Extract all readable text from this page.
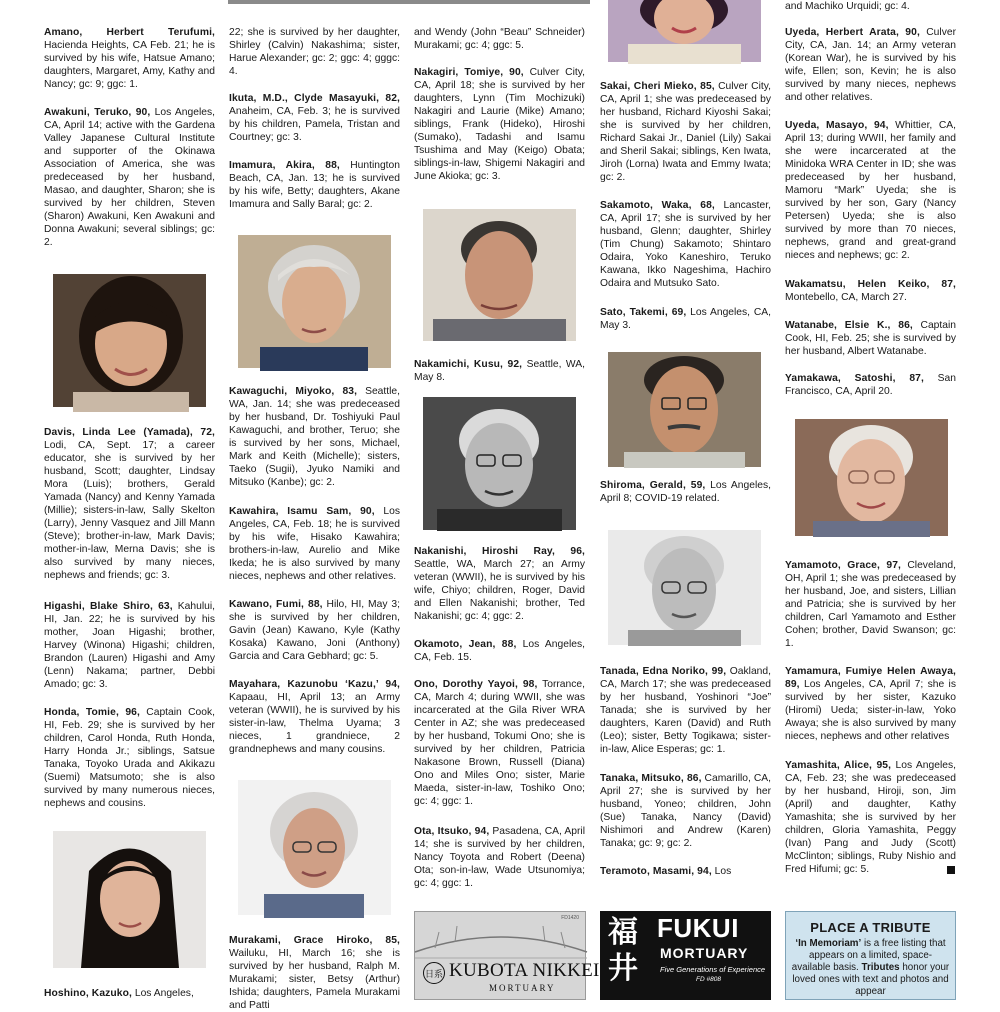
Amano, Herbert Terufumi, Hacienda Heights, CA Feb. 21; he is survived by his wife, Hatsue Amano; daughters, Margaret, Amy, Kathy and Nancy; gc: 9; ggc: 1.
Awakuni, Teruko, 90, Los Angeles, CA, April 14; active with the Gardena Valley Japanese Cultural Institute and supporter of the Okinawa Association of America, she was predeceased by her husband, Masao, and daughter, Sharon; she is survived by her children, Steven (Sharon) Awakuni, Ken Awakuni and Donna Awakuni; several siblings; gc: 2.
Davis, Linda Lee (Yamada), 72, Lodi, CA, Sept. 17; a career educator, she is survived by her husband, Scott; daughter, Lindsay Mora (Luis); brothers, Gerald Yamada (Nancy) and Kenny Yamada (Millie); sisters-in-law, Sally Skelton (Larry), Jenny Vasquez and Jill Mann (Steve); brother-in-law, Mark Davis; mother-in-law, Merna Davis; she is also survived by many nieces, nephews and friends; gc: 3.
Higashi, Blake Shiro, 63, Kahului, HI, Jan. 22; he is survived by his mother, Joan Higashi; brother, Harvey (Winona) Higashi; children, Brandon (Lauren) Higashi and Amy (Lenn) Nakama; partner, Debbi Amado; gc: 3.
Honda, Tomie, 96, Captain Cook, HI, Feb. 29; she is survived by her children, Carol Honda, Ruth Honda, Harry Honda Jr.; siblings, Satsue Tanaka, Toyoko Urada and Akikazu (Suemi) Matsumoto; she is also survived by many numerous nieces, nephews and cousins.
Hoshino, Kazuko, Los Angeles,
22; she is survived by her daughter, Shirley (Calvin) Nakashima; sister, Harue Alexander; gc: 2; ggc: 4; gggc: 4.
Ikuta, M.D., Clyde Masayuki, 82, Anaheim, CA, Feb. 3; he is survived by his children, Pamela, Tristan and Courtney; gc: 3.
Imamura, Akira, 88, Huntington Beach, CA, Jan. 13; he is survived by his wife, Betty; daughters, Akane Imamura and Sally Baral; gc: 2.
Kawaguchi, Miyoko, 83, Seattle, WA, Jan. 14; she was predeceased by her husband, Dr. Toshiyuki Paul Kawaguchi, and brother, Teruo; she is survived by her sons, Michael, Mark and Keith (Michelle); sisters, Taeko (Sugii), Jyuko Namiki and Mitsuko (Kanbe); gc: 2.
Kawahira, Isamu Sam, 90, Los Angeles, CA, Feb. 18; he is survived by his wife, Hisako Kawahira; brothers-in-law, Aurelio and Mike Ikeda; he is also survived by many nieces, nephews and other relatives.
Kawano, Fumi, 88, Hilo, HI, May 3; she is survived by her children, Gavin (Jean) Kawano, Kyle (Kathy Kosaka) Kawano, Joni (Anthony) Garcia and Cara Gebhard; gc: 5.
Mayahara, Kazunobu ‘Kazu,’ 94, Kapaau, HI, April 13; an Army veteran (WWII), he is survived by his sister-in-law, Thelma Uyama; 3 nieces, 1 grandniece, 2 grandnephews and many cousins.
Murakami, Grace Hiroko, 85, Wailuku, HI, March 16; she is survived by her husband, Ralph M. Murakami; sister, Betsy (Arthur) Ishida; daughters, Pamela Murakami and Patti
and Wendy (John “Beau” Schneider) Murakami; gc: 4; ggc: 5.
Nakagiri, Tomiye, 90, Culver City, CA, April 18; she is survived by her daughters, Lynn (Tim Mochizuki) Nakagiri and Laurie (Mike) Amano; siblings, Frank (Hideko), Hiroshi (Sumako), Tadashi and Isamu Tsushima and May (Keigo) Obata; siblings-in-law, Shigemi Nakagiri and June Akioka; gc: 3.
Nakamichi, Kusu, 92, Seattle, WA, May 8.
Nakanishi, Hiroshi Ray, 96, Seattle, WA, March 27; an Army veteran (WWII), he is survived by his wife, Chiyo; children, Roger, David and Ellen Nakanishi; brother, Ted Nakanishi; gc: 4; ggc: 2.
Okamoto, Jean, 88, Los Angeles, CA, Feb. 15.
Ono, Dorothy Yayoi, 98, Torrance, CA, March 4; during WWII, she was incarcerated at the Gila River WRA Center in AZ; she was predeceased by her husband, Tokumi Ono; she is survived by her children, Patricia Nakasone Brown, Russell (Diana) Ono and Miles Ono; sister, Marie Maeda, sister-in-law, Toshiko Ono; gc: 4; ggc: 1.
Ota, Itsuko, 94, Pasadena, CA, April 14; she is survived by her children, Nancy Toyota and Robert (Deena) Ota; son-in-law, Wade Utsunomiya; gc: 4; ggc: 1.
Sakai, Cheri Mieko, 85, Culver City, CA, April 1; she was predeceased by her husband, Richard Kiyoshi Sakai; she is survived by her children, Richard Sakai Jr., Daniel (Lily) Sakai and Sheril Sakai; siblings, Ken Iwata, Jiroh (Lorna) Iwata and Emmy Iwata; gc: 2.
Sakamoto, Waka, 68, Lancaster, CA, April 17; she is survived by her husband, Glenn; daughter, Shirley (Tim Chung) Sakamoto; Shintaro Odaira, Yoko Kaneshiro, Teruko Kawana, Ikko Nageshima, Hachiro Odaira and Mutsuko Sato.
Sato, Takemi, 69, Los Angeles, CA, May 3.
Shiroma, Gerald, 59, Los Angeles, April 8; COVID-19 related.
Tanada, Edna Noriko, 99, Oakland, CA, March 17; she was predeceased by her husband, Yoshinori “Joe” Tanada; she is survived by her daughters, Karen (David) and Ruth (Leo); sister, Betty Togikawa; sister-in-law, Alice Esperas; gc: 1.
Tanaka, Mitsuko, 86, Camarillo, CA, April 27; she is survived by her husband, Yoneo; children, John (Sue) Tanaka, Nancy (David) Nishimori and Andrew (Karen) Tanaka; gc: 9; gc: 2.
Teramoto, Masami, 94, Los
and Machiko Urquidi; gc: 4.
Uyeda, Herbert Arata, 90, Culver City, CA, Jan. 14; an Army veteran (Korean War), he is survived by his wife, Ellen; son, Kevin; he is also survived by many nieces, nephews and other relatives.
Uyeda, Masayo, 94, Whittier, CA, April 13; during WWII, her family and she were incarcerated at the Minidoka WRA Center in ID; she was predeceased by her husband, Mamoru “Mark” Uyeda; she is survived by her son, Gary (Nancy Petersen) Uyeda; she is also survived by more than 70 nieces, nephews, grand and great-grand nieces and nephews; gc: 2.
Wakamatsu, Helen Keiko, 87, Montebello, CA, March 27.
Watanabe, Elsie K., 86, Captain Cook, HI, Feb. 25; she is survived by her husband, Albert Watanabe.
Yamakawa, Satoshi, 87, San Francisco, CA, April 20.
Yamamoto, Grace, 97, Cleveland, OH, April 1; she was predeceased by her husband, Joe, and sisters, Lillian and Patricia; she is survived by her children, Carl Yamamoto and Esther Cohen; brother, David Swanson; gc: 1.
Yamamura, Fumiye Helen Awaya, 89, Los Angeles, CA, April 7; she is survived by her sister, Kazuko (Hiromi) Ueda; sister-in-law, Yoko Awaya; she is also survived by many nieces, nephews and other relatives
Yamashita, Alice, 95, Los Angeles, CA, Feb. 23; she was predeceased by her husband, Hiroji, son, Jim (April) and daughter, Kathy Yamashita; she is survived by her children, Gloria Yamashita, Peggy (Ivan) Pang and Judy (Scott) McClinton; siblings, Ruby Nishio and Fred Hifumi; gc: 5.
FD1420
日系 KUBOTA NIKKEI
MORTUARY
福
井
FUKUI
MORTUARY
Five Generations of Experience
FD #808
PLACE A TRIBUTE
‘In Memoriam’ is a free listing that appears on a limited, space-available basis. Tributes honor your loved ones with text and photos and appear
